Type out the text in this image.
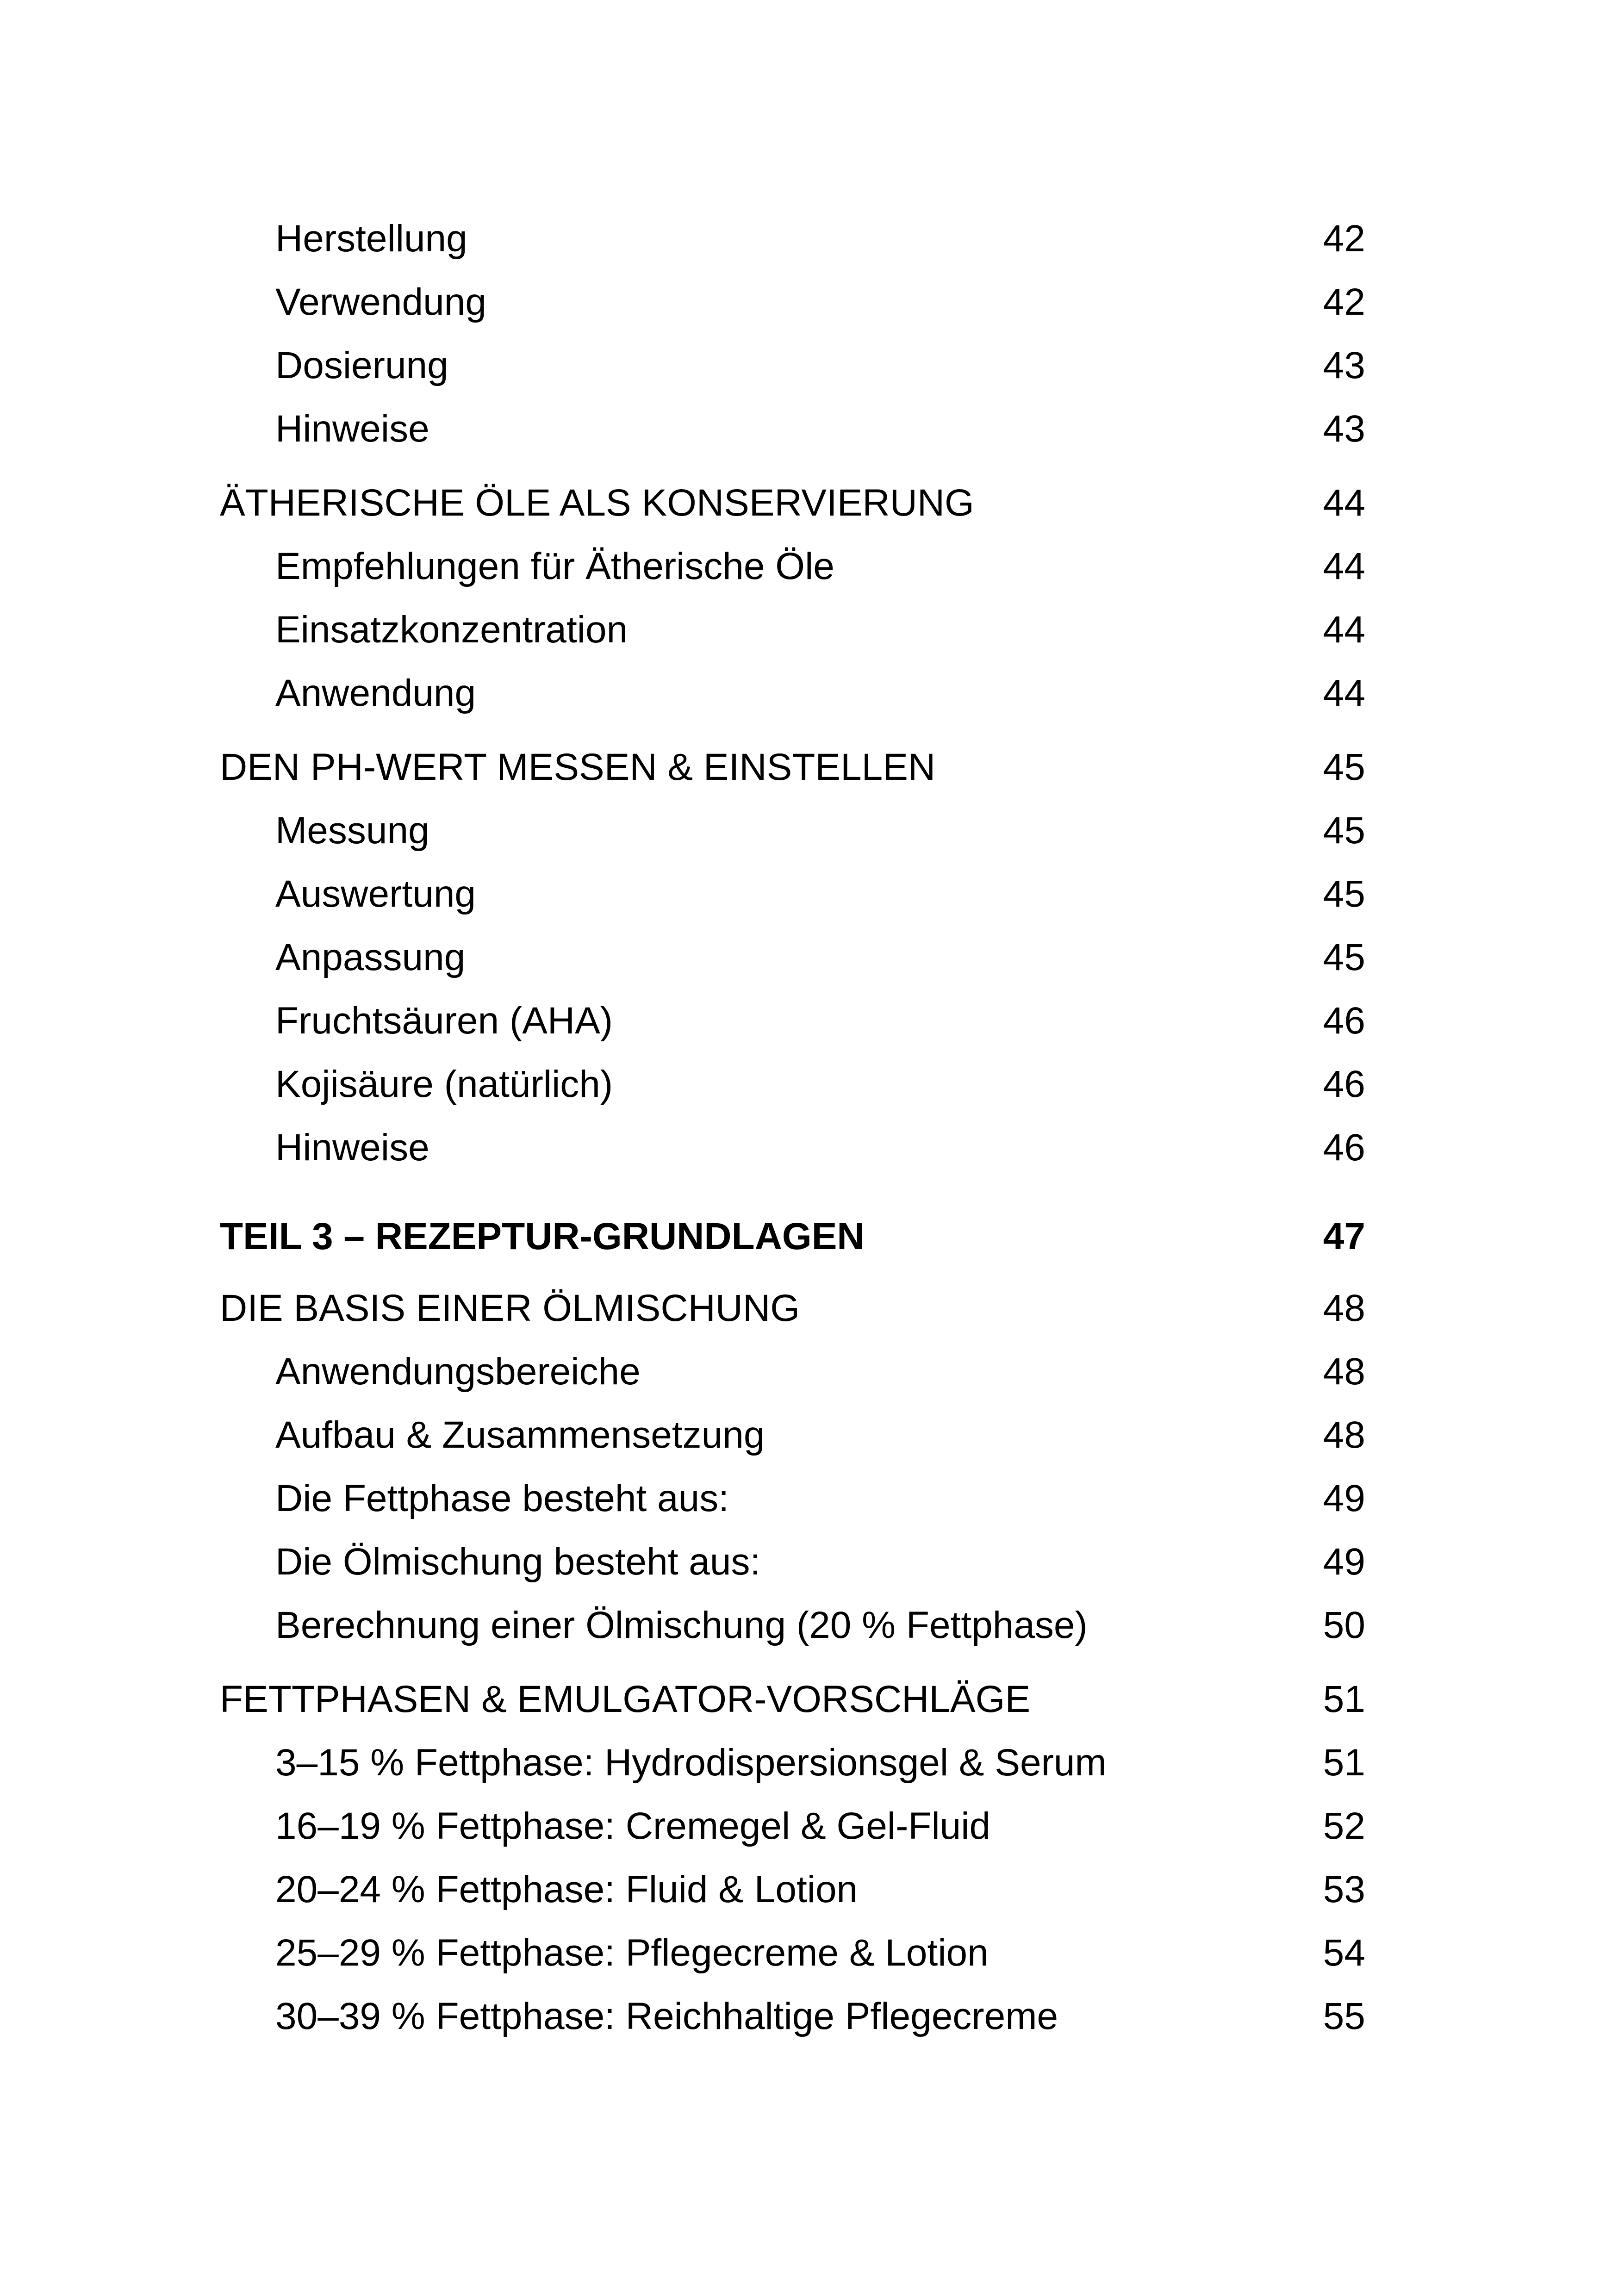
Herstellung	42
Verwendung	42
Dosierung	43
Hinweise	43
ÄTHERISCHE ÖLE ALS KONSERVIERUNG	44
Empfehlungen für Ätherische Öle	44
Einsatzkonzentration	44
Anwendung	44
DEN PH-WERT MESSEN & EINSTELLEN	45
Messung	45
Auswertung	45
Anpassung	45
Fruchtsäuren (AHA)	46
Kojisäure (natürlich)	46
Hinweise	46
TEIL 3 – REZEPTUR-GRUNDLAGEN	47
DIE BASIS EINER ÖLMISCHUNG	48
Anwendungsbereiche	48
Aufbau & Zusammensetzung	48
Die Fettphase besteht aus:	49
Die Ölmischung besteht aus:	49
Berechnung einer Ölmischung (20 % Fettphase)	50
FETTPHASEN & EMULGATOR-VORSCHLÄGE	51
3–15 % Fettphase: Hydrodispersionsgel & Serum	51
16–19 % Fettphase: Cremegel & Gel-Fluid	52
20–24 % Fettphase: Fluid & Lotion	53
25–29 % Fettphase: Pflegecreme & Lotion	54
30–39 % Fettphase: Reichhaltige Pflegecreme	55
